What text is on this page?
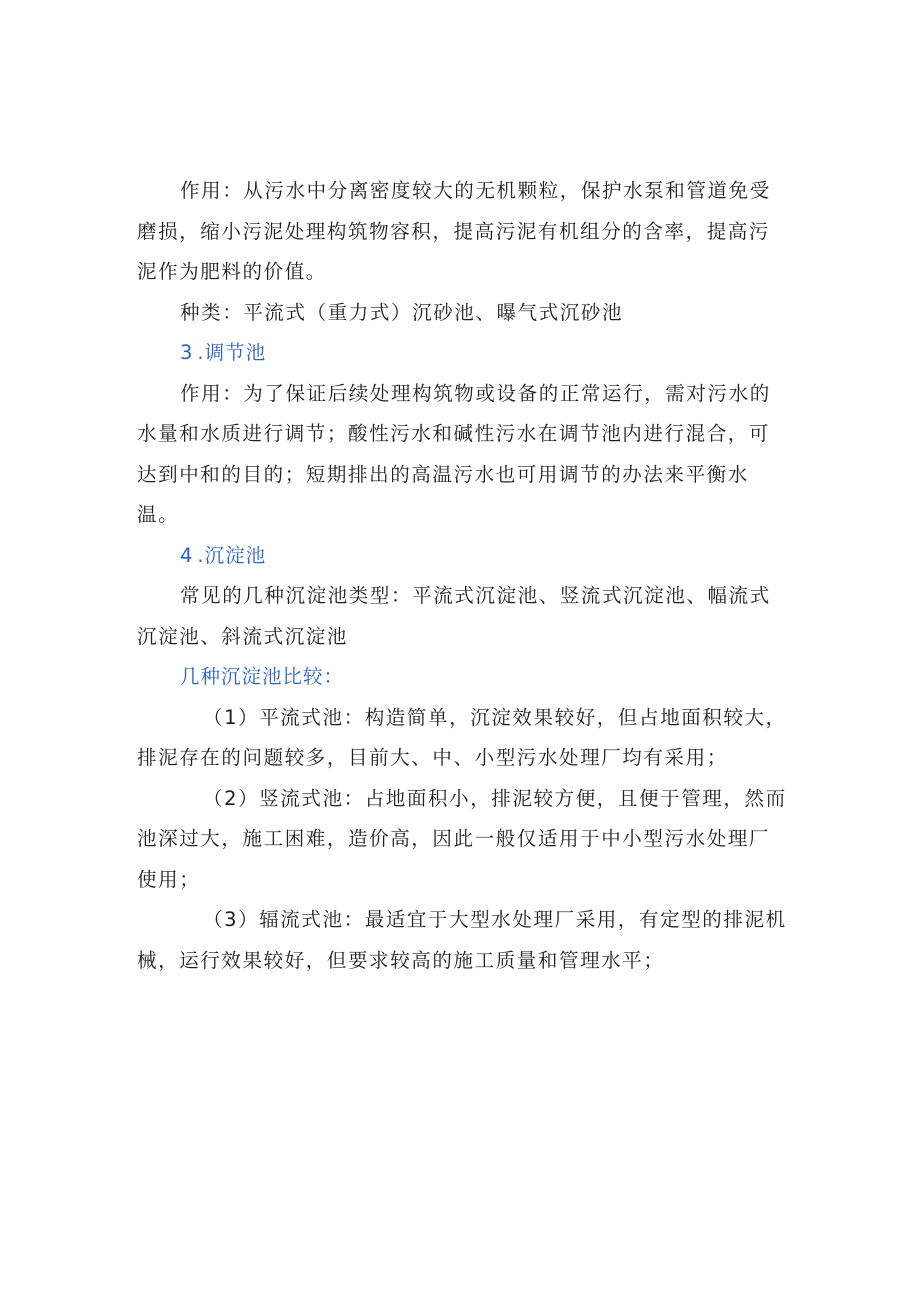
作用：从污水中分离密度较大的无机颗粒，保护水泵和管道免受磨损，缩小污泥处理构筑物容积，提高污泥有机组分的含率，提高污泥作为肥料的价值。

种类：平流式（重力式）沉砂池、曝气式沉砂池

3 .调节池

作用：为了保证后续处理构筑物或设备的正常运行，需对污水的水量和水质进行调节；酸性污水和碱性污水在调节池内进行混合，可达到中和的目的；短期排出的高温污水也可用调节的办法来平衡水温。

4 .沉淀池

常见的几种沉淀池类型：平流式沉淀池、竖流式沉淀池、幅流式沉淀池、斜流式沉淀池

几种沉淀池比较：

（1）平流式池：构造简单，沉淀效果较好，但占地面积较大，排泥存在的问题较多，目前大、中、小型污水处理厂均有采用；

（2）竖流式池：占地面积小，排泥较方便，且便于管理，然而池深过大，施工困难，造价高，因此一般仅适用于中小型污水处理厂使用；

（3）辐流式池：最适宜于大型水处理厂采用，有定型的排泥机械，运行效果较好，但要求较高的施工质量和管理水平；
